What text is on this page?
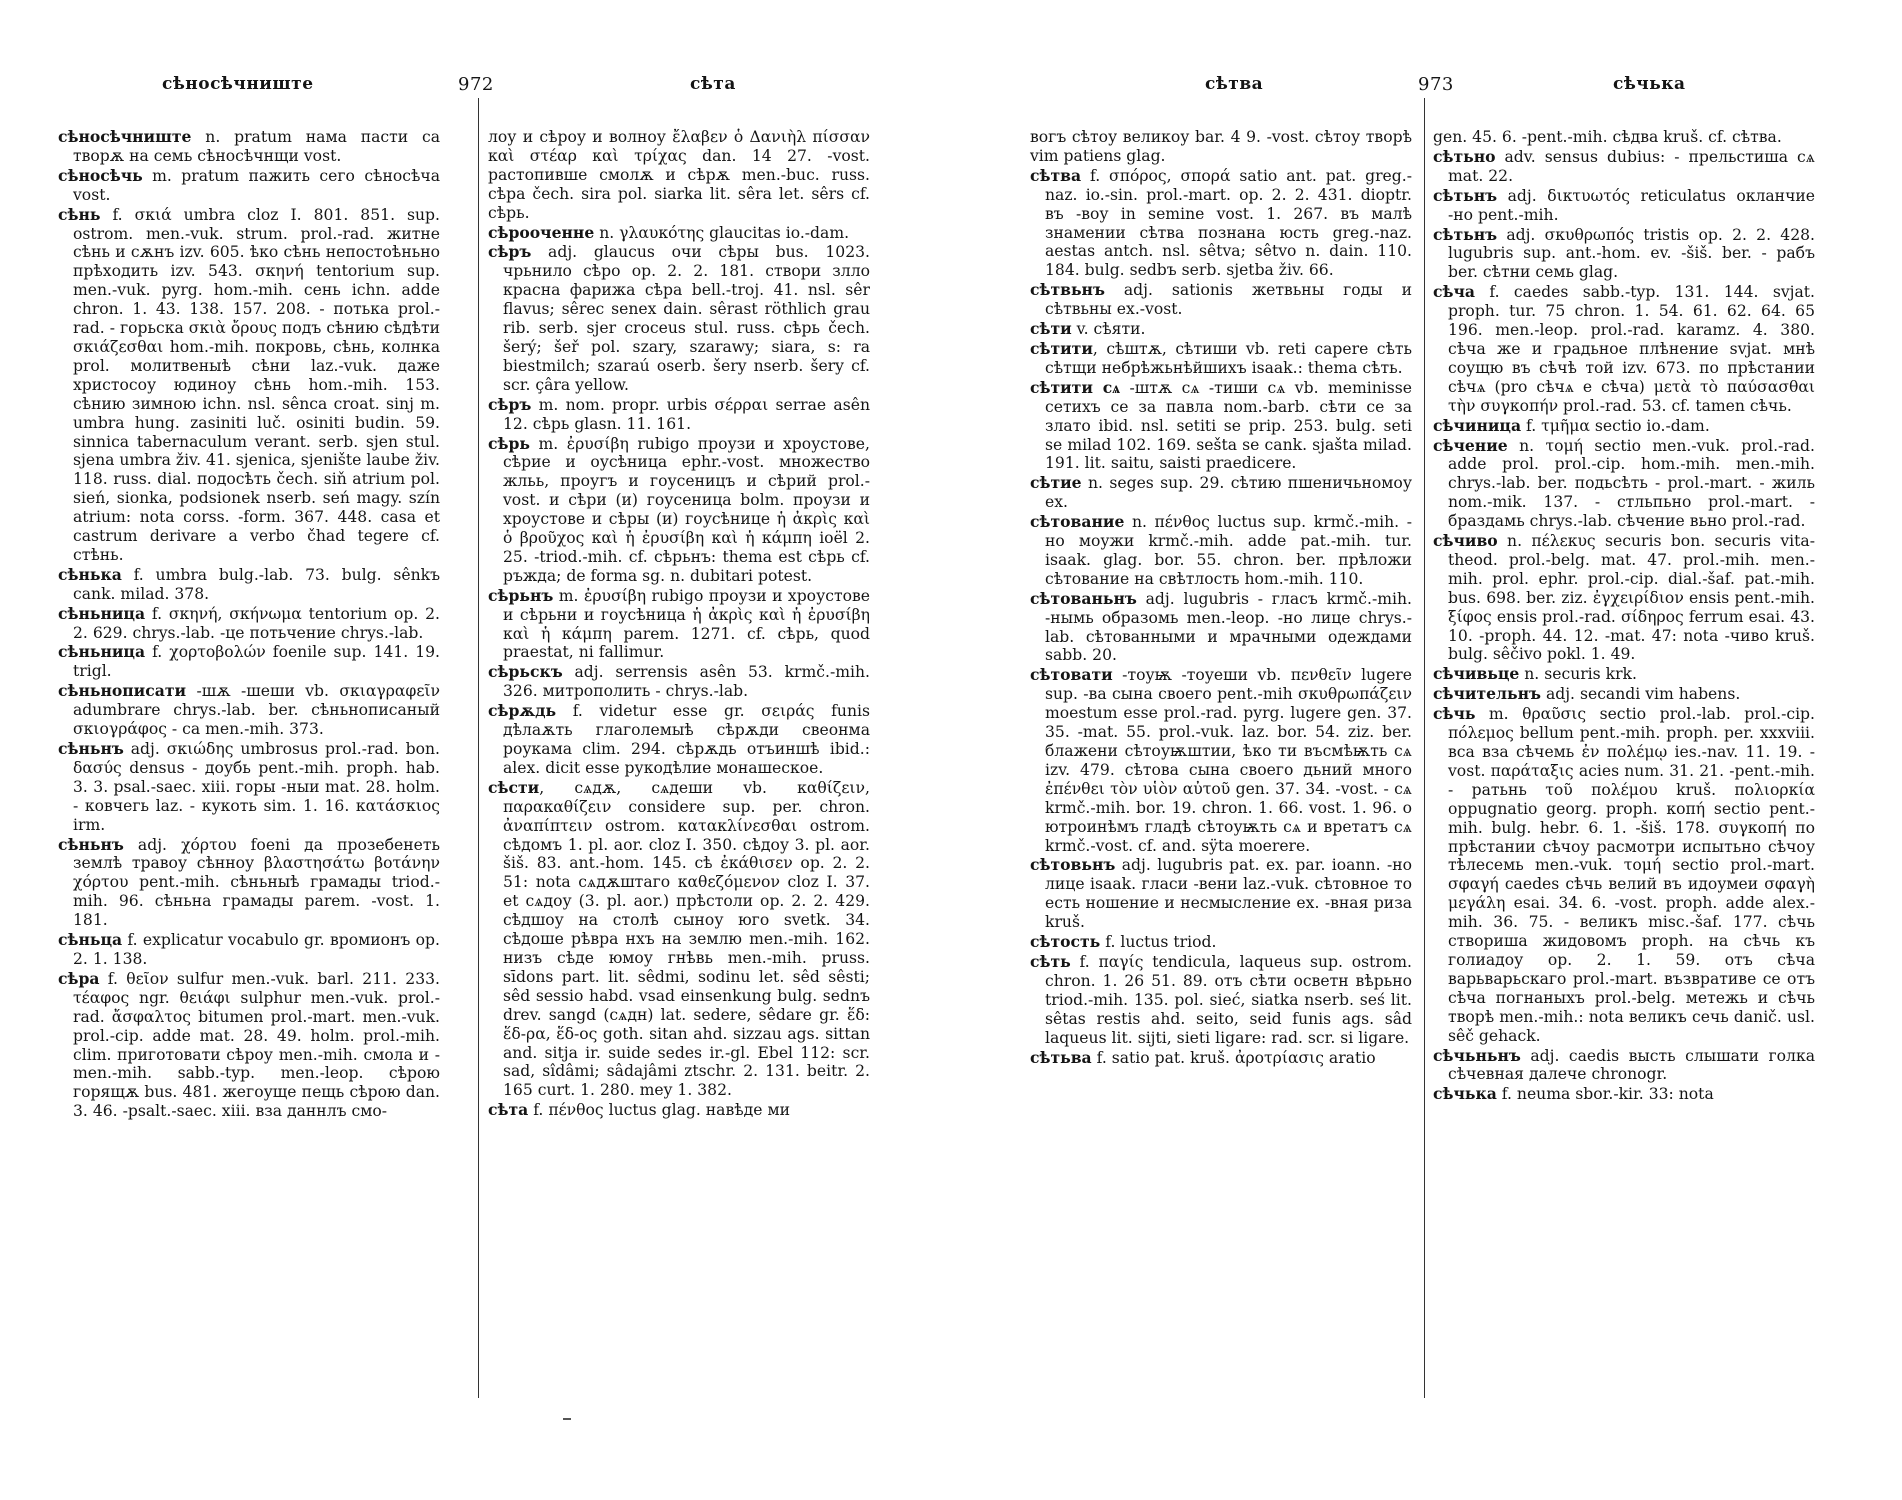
сѣносѣчниште	972	сѣта
сѣносѣчниште n. pratum нама пасти са творѫ на семь сѣносѣчнщи vost.
сѣносѣчь m. pratum пажить сего сѣносѣча vost.
сѣнь f. σκιά umbra cloz I. 801. 851. sup. ostrom. men.-vuk. strum. prol.-rad. житне сѣнь и сѫнъ izv. 605. ѣко сѣнь непостоѣньно прѣходить izv. 543. σκηνή tentorium sup. men.-vuk. pyrg. hom.-mih. сень ichn. adde chron. 1. 43. 138. 157. 208. - потька prol.-rad. - горьска σκιὰ ὄρους подъ сѣнию сѣдѣти σκιάζεσθαι hom.-mih. покровь, сѣнь, колнка prol. молитвеныѣ сѣни laz.-vuk. даже христосоу юдиноу сѣнь hom.-mih. 153. сѣнию зимною ichn. nsl. sênca croat. sinj m. umbra hung. zasiniti luč. osiniti budin. 59. sinnica tabernaculum verant. serb. sjen stul. sjena umbra živ. 41. sjenica, sjenište laube živ. 118. russ. dial. подосѣть čech. siň atrium pol. sień, sionka, podsionek nserb. seń magy. szín atrium: nota corss. -form. 367. 448. casa et castrum derivare a verbo čhad tegere cf. стѣнь.
сѣнька f. umbra bulg.-lab. 73. bulg. sênkъ cank. milad. 378.
сѣньница f. σκηνή, σκήνωμα tentorium op. 2. 2. 629. chrys.-lab. -це потьчение chrys.-lab.
сѣньница f. χορτοβολών foenile sup. 141. 19. trigl.
сѣньнописати -шѫ -шеши vb. σκιαγραφεῖν adumbrare chrys.-lab. ber. сѣньнописаный σκιογράφος - са men.-mih. 373.
сѣньнъ adj. σκιώδης umbrosus prol.-rad. bon. δασύς densus - доубь pent.-mih. proph. hab. 3. 3. psal.-saec. xiii. горы -ныи mat. 28. holm. - ковчегь laz. - кукоть sim. 1. 16. κατάσκιος irm.
сѣньнъ adj. χόρτου foeni да прозебенеть землѣ травоу сѣнноу βλαστησάτω βοτάνην χόρτου pent.-mih. сѣньныѣ грамады triod.-mih. 96. сѣньна грамады parem. -vost. 1. 181.
сѣньца f. explicatur vocabulo gr. вромионъ op. 2. 1. 138.
сѣра f. θεῖον sulfur men.-vuk. barl. 211. 233. τέαφος ngr. θειάφι sulphur men.-vuk. prol.-rad. ἄσφαλτος bitumen prol.-mart. men.-vuk. prol.-cip. adde mat. 28. 49. holm. prol.-mih. clim. приготовати сѣроу men.-mih. смола и - men.-mih. sabb.-typ. men.-leop. сѣрою горящѫ bus. 481. жегоуще пещь сѣрою dan. 3. 46. -psalt.-saec. xiii. вза даннлъ смо-
лоу и сѣроу и волноу ἔλαβεν ὁ Δανιὴλ πίσσαν καὶ στέαρ καὶ τρίχας dan. 14 27. -vost. растопивше смолѫ и сѣрѫ men.-buc. russ. сѣра čech. sira pol. siarka lit. sêra let. sêrs cf. сѣрь.
сѣрооченне n. γλαυκότης glaucitas io.-dam.
сѣръ adj. glaucus очи сѣры bus. 1023. чрьнило сѣро op. 2. 2. 181. створи злло красна фарижа сѣра bell.-troj. 41. nsl. sêr flavus; sêrec senex dain. sêrast röthlich grau rib. serb. sjer croceus stul. russ. сѣрь čech. šerý; šeř pol. szary, szarawy; siara, s: ra biestmilch; szaraú oserb. šery nserb. šery cf. scr. çâra yellow.
сѣръ m. nom. propr. urbis σέρραι serrae asên 12. сѣрь glasn. 11. 161.
сѣрь m. ἐρυσίβη rubigo проузи и хроустове, сѣрие и оусѣница ephr.-vost. множество жльь, проугъ и гоусеницъ и сѣрий prol.-vost. и сѣри (и) гоусеница bolm. проузи и хроустове и сѣры (и) гоусѣнице ἡ ἀκρὶς καὶ ὁ βροῦχος καὶ ἡ ἐρυσίβη καὶ ἡ κάμπη ioёl 2. 25. -triod.-mih. cf. сѣрьнъ: thema est сѣрь cf. ръжда; de forma sg. n. dubitari potest.
сѣрьнъ m. ἐρυσίβη rubigo проузи и хроустове и сѣрьни и гоусѣница ἡ ἀκρὶς καὶ ἡ ἐρυσίβη καὶ ἡ κάμπη parem. 1271. cf. сѣрь, quod praestat, ni fallimur.
сѣрьскъ adj. serrensis asên 53. krmč.-mih. 326. митрополить - chrys.-lab.
сѣрѫдь f. videtur esse gr. σειράς funis дѣлаѫть глаголемыѣ сѣрѫди свеонма роукама clim. 294. сѣрѫдь отъиншѣ ibid.: alex. dicit esse рукодѣлие монашеское.
сѣсти, сѧдѫ, сѧдеши vb. καθίζειν, παρακαθίζειν considere sup. per. chron. ἀναπίπτειν ostrom. κατακλίνεσθαι ostrom. сѣдомъ 1. pl. aor. cloz I. 350. сѣдоу 3. pl. aor. šiš. 83. ant.-hom. 145. сѣ ἐκάθισεν op. 2. 2. 51: nota сѧдѫштаго καθεζόμενον cloz I. 37. et сѧдоу (3. pl. aor.) прѣстоли op. 2. 2. 429. сѣдшоу на столѣ сыноу юго svetk. 34. сѣдоше рѣвра нхъ на землю men.-mih. 162. низъ сѣде юмоу гнѣвь men.-mih. pruss. sīdons part. lit. sêdmi, sodinu let. sêd sêsti; sêd sessio habd. vsad einsenkung bulg. sednъ drev. sangd (сѧдн) lat. sedere, sêdare gr. ἕδ: ἕδ-ρα, ἕδ-ος goth. sitan ahd. sizzau ags. sittan and. sitja ir. suide sedes ir.-gl. Ebel 112: scr. sad, sîdâmi; sâdajâmi ztschr. 2. 131. beitr. 2. 165 curt. 1. 280. mey 1. 382.
сѣта f. πένθος luctus glag. навѣде ми
сѣтва	973	сѣчька
вогъ сѣтоу великоу bar. 4 9. -vost. сѣтоу творѣ vim patiens glag.
сѣтва f. σπόρος, σπορά satio ant. pat. greg.-naz. io.-sin. prol.-mart. op. 2. 2. 431. dioptr. въ -воу in semine vost. 1. 267. въ малѣ знамении сѣтва познана юсть greg.-naz. aestas antch. nsl. sêtva; sêtvo n. dain. 110. 184. bulg. sedbъ serb. sjetba živ. 66.
сѣтвьнъ adj. sationis жетвьны годы и сѣтвьны ex.-vost.
сѣти v. сѣяти.
сѣтити, сѣштѫ, сѣтиши vb. reti capere сѣть сѣтщи небрѣжьнѣйшихъ isaak.: thema сѣть.
сѣтити сѧ -штѫ сѧ -тиши сѧ vb. meminisse сетихъ се за павла nom.-barb. сѣти се за злато ibid. nsl. setiti se prip. 253. bulg. seti se milad 102. 169. sešta se cank. sjašta milad. 191. lit. saitu, saisti praedicere.
сѣтие n. seges sup. 29. сѣтию пшеничьномоу ex.
сѣтование n. πένθος luctus sup. krmč.-mih. - но моужи krmč.-mih. adde pat.-mih. tur. isaak. glag. bor. 55. chron. ber. прѣложи сѣтование на свѣтлость hom.-mih. 110.
сѣтованьнъ adj. lugubris - гласъ krmč.-mih. -нымь образомь men.-leop. -но лице chrys.-lab. сѣтованными и мрачными одеждами sabb. 20.
сѣтовати -тоуѭ -тоуеши vb. πενθεῖν lugere sup. -ва сына своего pent.-mih σκυθρωπάζειν moestum esse prol.-rad. pyrg. lugere gen. 37. 35. -mat. 55. prol.-vuk. laz. bor. 54. ziz. ber. блажени сѣтоуѭштии, ѣко ти въсмѣѭть сѧ izv. 479. сѣтова сына своего дьний много ἐπένθει τὸν υἱὸν αὐτοῦ gen. 37. 34. -vost. - сѧ krmč.-mih. bor. 19. chron. 1. 66. vost. 1. 96. о ютроинѣмъ гладѣ сѣтоуѭть сѧ и вретатъ сѧ krmč.-vost. cf. and. sÿta moerere.
сѣтовьнъ adj. lugubris pat. ex. par. ioann. -но лице isaak. гласи -вени laz.-vuk. сѣтовное то есть ношение и несмысление ex. -вная риза kruš.
сѣтость f. luctus triod.
сѣть f. παγίς tendicula, laqueus sup. ostrom. chron. 1. 26 51. 89. отъ сѣти осветн вѣрьно triod.-mih. 135. pol. sieć, siatka nserb. seś lit. sêtas restis ahd. seito, seid funis ags. sâd laqueus lit. sijti, sieti ligare: rad. scr. si ligare.
сѣтьва f. satio pat. kruš. ἀροτρίασις aratio
gen. 45. 6. -pent.-mih. сѣдва kruš. cf. сѣтва.
сѣтьно adv. sensus dubius: - прельстиша сѧ mat. 22.
сѣтьнъ adj. δικτυωτός reticulatus окланчие -но pent.-mih.
сѣтьнъ adj. σκυθρωπός tristis op. 2. 2. 428. lugubris sup. ant.-hom. ev. -šiš. ber. - рабъ ber. сѣтни семь glag.
сѣча f. caedes sabb.-typ. 131. 144. svjat. proph. tur. 75 chron. 1. 54. 61. 62. 64. 65 196. men.-leop. prol.-rad. karamz. 4. 380. сѣча же и градьное плѣнение svjat. мнѣ соущю въ сѣчѣ той izv. 673. по прѣстании сѣчѧ (pro сѣчѧ e сѣча) μετὰ τὸ παύσασθαι τὴν συγκοπήν prol.-rad. 53. cf. tamen сѣчь.
сѣчиница f. τμῆμα sectio io.-dam.
сѣчение n. τομή sectio men.-vuk. prol.-rad. adde prol. prol.-cip. hom.-mih. men.-mih. chrys.-lab. ber. подьсѣть - prol.-mart. - жиль nom.-mik. 137. - стльпьно prol.-mart. - браздамь chrys.-lab. сѣчение вьно prol.-rad.
сѣчиво n. πέλεκυς securis bon. securis vita-theod. prol.-belg. mat. 47. prol.-mih. men.-mih. prol. ephr. prol.-cip. dial.-šaf. pat.-mih. bus. 698. ber. ziz. ἐγχειρίδιον ensis pent.-mih. ξίφος ensis prol.-rad. σίδηρος ferrum esai. 43. 10. -proph. 44. 12. -mat. 47: nota -чиво kruš. bulg. sêčivo pokl. 1. 49.
сѣчивьце n. securis krk.
сѣчительнъ adj. secandi vim habens.
сѣчь m. θραῦσις sectio prol.-lab. prol.-cip. πόλεμος bellum pent.-mih. proph. per. xxxviii. вса вза сѣчемь ἐν πολέμῳ ies.-nav. 11. 19. -vost. παράταξις acies num. 31. 21. -pent.-mih. - ратьнь τοῦ πολέμου kruš. πολιορκία oppugnatio georg. proph. κοπή sectio pent.-mih. bulg. hebr. 6. 1. -šiš. 178. συγκοπή по прѣстании сѣчоу расмотри испытьно сѣчоу тѣлесемь men.-vuk. τομή sectio prol.-mart. σφαγή caedes сѣчь велий въ идоумеи σφαγὴ μεγάλη esai. 34. 6. -vost. proph. adde alex.-mih. 36. 75. - великъ misc.-šaf. 177. сѣчь створиша жидовомъ proph. на сѣчь къ голиадоу op. 2. 1. 59. отъ сѣча варьварьскаго prol.-mart. възвративе се отъ сѣча погнаныхъ prol.-belg. метежь и сѣчь творѣ men.-mih.: nota великъ сечь danič. usl. sêč gehack.
сѣчьньнъ adj. caedis высть слышати голка сѣчевная далече chronogr.
сѣчька f. neuma sbor.-kir. 33: nota
